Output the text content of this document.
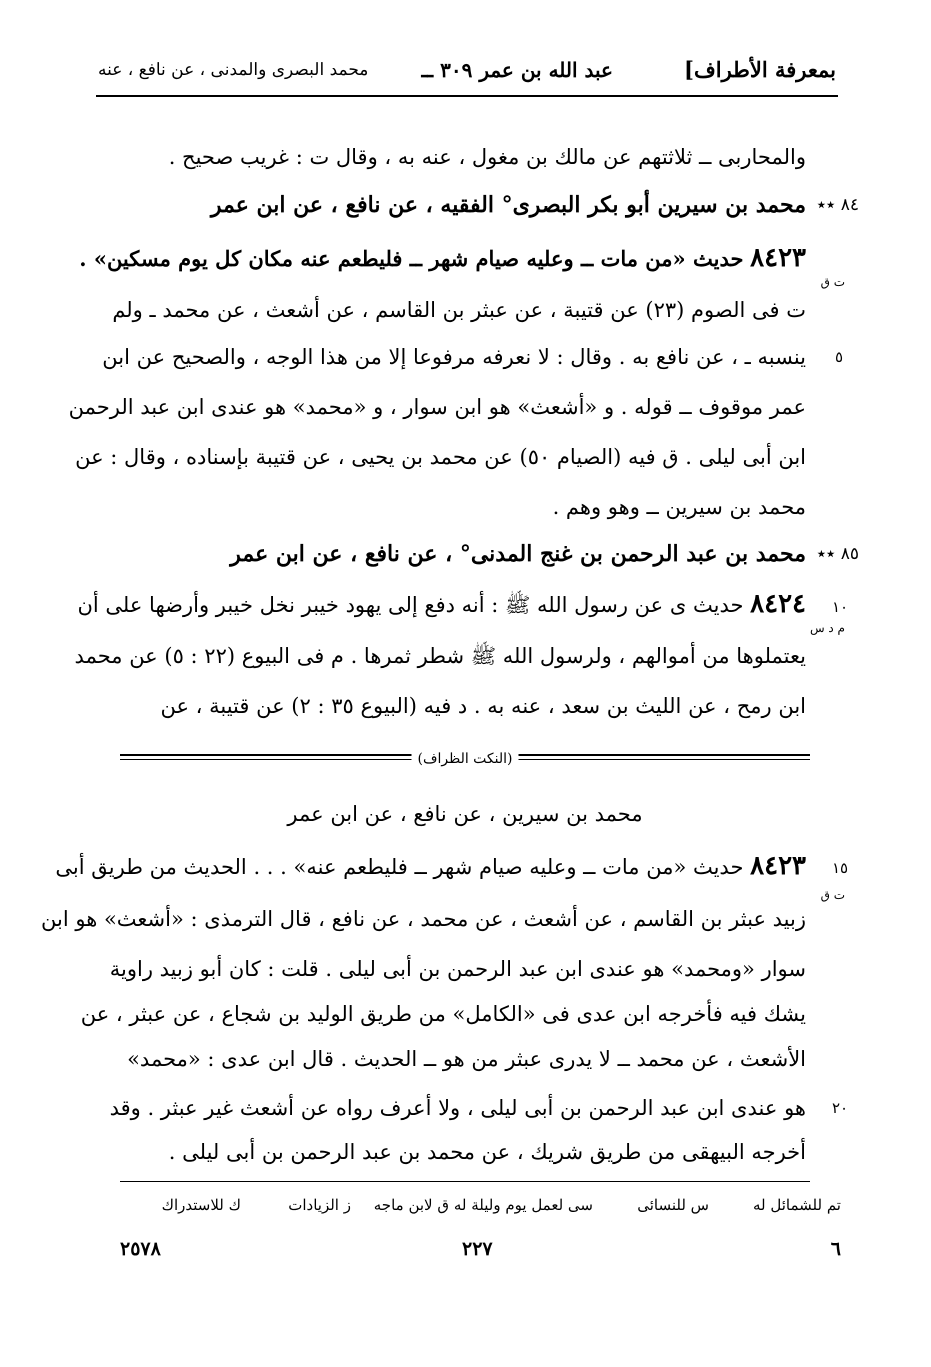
بمعرفة الأطراف]
عبد الله بن عمر ٣٠٩ ــ
محمد البصرى والمدنى ، عن نافع ، عنه
والمحاربى ــ ثلاثتهم عن مالك بن مغول ، عنه به ، وقال ت : غريب صحيح .
٨٤ ٭٭
محمد بن سيرين أبو بكر البصرى° الفقيه ، عن نافع ، عن ابن عمر
٨٤٢٣ حديث «من مات ــ وعليه صيام شهر ــ فليطعم عنه مكان كل يوم مسكين» .
ت ق
ت فى الصوم (٢٣) عن قتيبة ، عن عبثر بن القاسم ، عن أشعث ، عن محمد ـ ولم
ينسبه ـ ، عن نافع به . وقال : لا نعرفه مرفوعا إلا من هذا الوجه ، والصحيح عن ابن
عمر موقوف ــ قوله . و «أشعث» هو ابن سوار ، و «محمد» هو عندى ابن عبد الرحمن
ابن أبى ليلى . ق فيه (الصيام ٥٠) عن محمد بن يحيى ، عن قتيبة بإسناده ، وقال : عن
محمد بن سيرين ــ وهو وهم .
٨٥ ٭٭
محمد بن عبد الرحمن بن غنج المدنى° ، عن نافع ، عن ابن عمر
٨٤٢٤ حديث ى عن رسول الله ﷺ : أنه دفع إلى يهود خيبر نخل خيبر وأرضها على أن
م د س
يعتملوها من أموالهم ، ولرسول الله ﷺ شطر ثمرها . م فى البيوع (٢٢ : ٥) عن محمد
ابن رمح ، عن الليث بن سعد ، عنه به . د فيه (البيوع ٣٥ : ٢) عن قتيبة ، عن
(النكت الظراف)
محمد بن سيرين ، عن نافع ، عن ابن عمر
٨٤٢٣ حديث «من مات ــ وعليه صيام شهر ــ فليطعم عنه» . . . الحديث من طريق أبى
ت ق
زبيد عبثر بن القاسم ، عن أشعث ، عن محمد ، عن نافع ، قال الترمذى : «أشعث» هو ابن
سوار «ومحمد» هو عندى ابن عبد الرحمن بن أبى ليلى . قلت : كان أبو زبيد راوية
يشك فيه فأخرجه ابن عدى فى «الكامل» من طريق الوليد بن شجاع ، عن عبثر ، عن
الأشعث ، عن محمد ــ لا يدرى عبثر من هو ــ الحديث . قال ابن عدى : «محمد»
هو عندى ابن عبد الرحمن بن أبى ليلى ، ولا أعرف رواه عن أشعث غير عبثر . وقد
أخرجه البيهقى من طريق شريك ، عن محمد بن عبد الرحمن بن أبى ليلى .
٥
١٠
١٥
٢٠
تم للشمائل له
س للنسائى
سى لعمل يوم وليلة له
ق لابن ماجه
ز الزيادات
ك للاستدراك
٦
٢٢٧
٢٥٧٨
